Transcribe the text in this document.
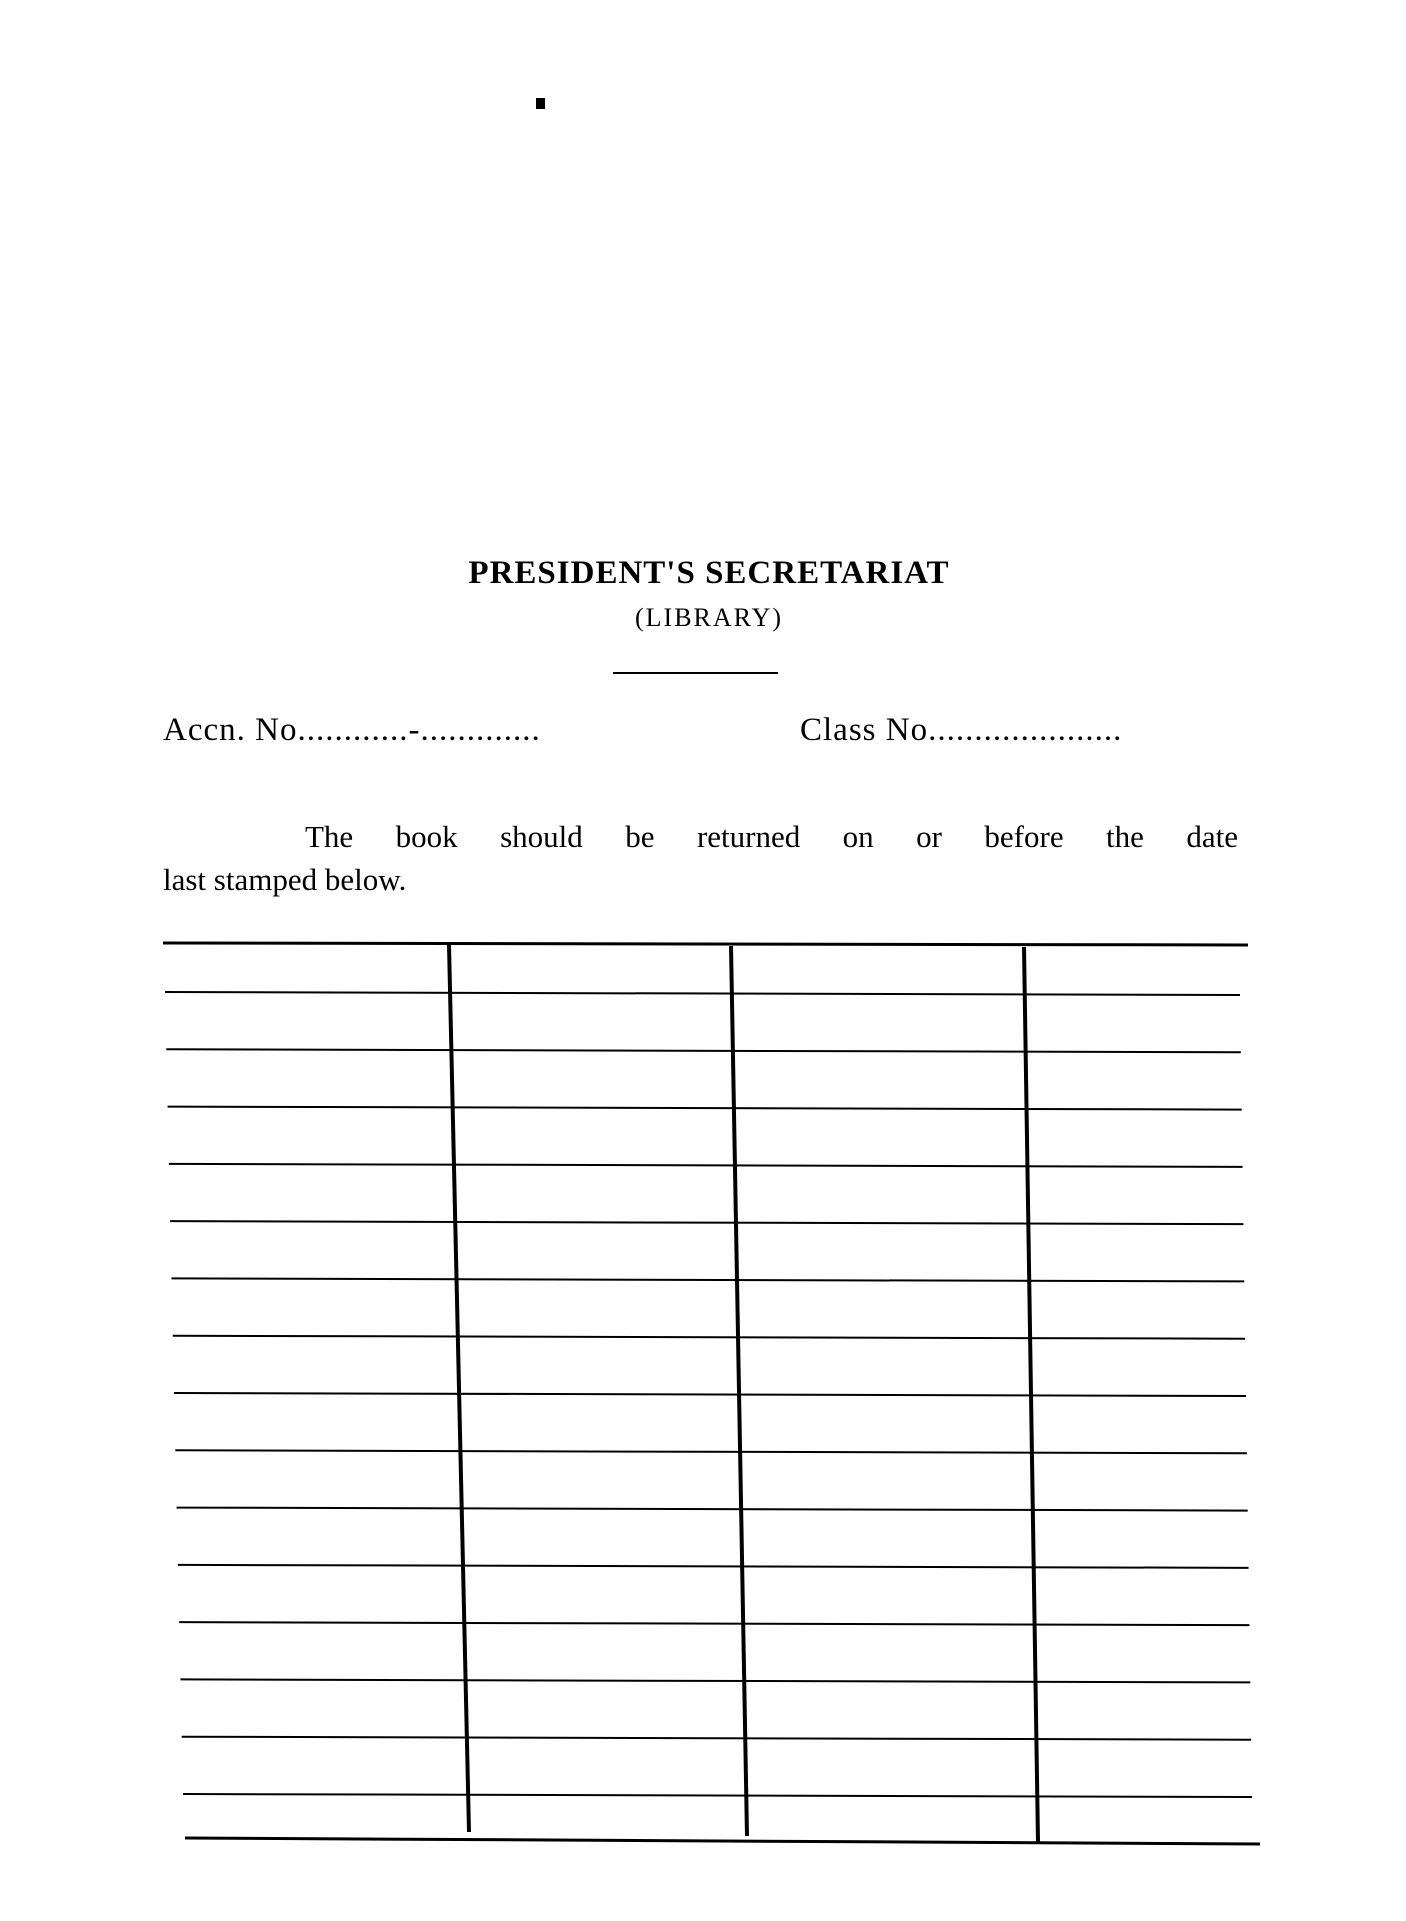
PRESIDENT'S SECRETARIAT
(LIBRARY)
Accn. No............-.............	Class No.....................
The book should be returned on or before the date
last stamped below.
